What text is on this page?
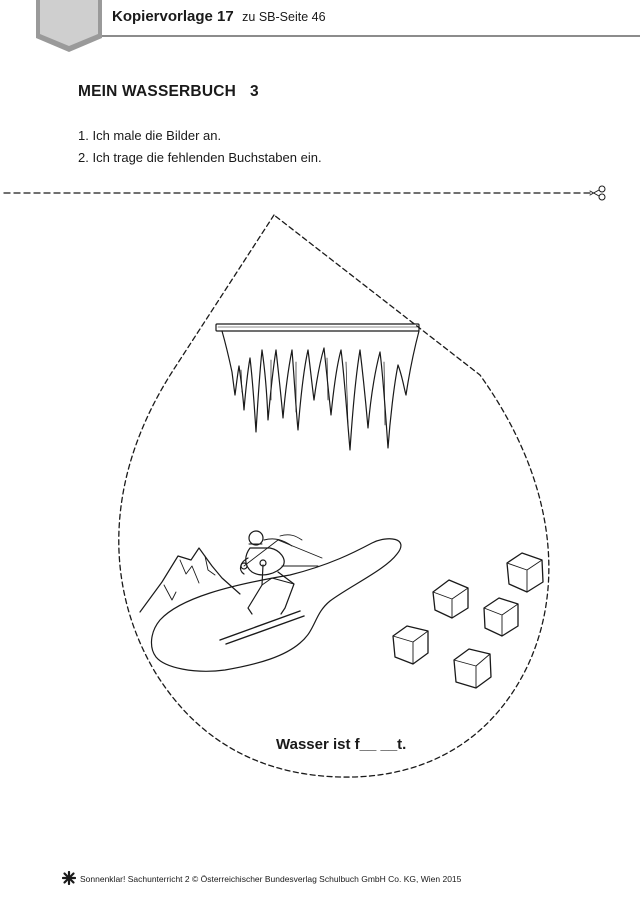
Kopiervorlage 17 zu SB-Seite 46
MEIN WASSERBUCH 3
1. Ich male die Bilder an.
2. Ich trage die fehlenden Buchstaben ein.
Wasser ist f__ __t.
Sonnenklar! Sachunterricht 2 © Österreichischer Bundesverlag Schulbuch GmbH Co. KG, Wien 2015
